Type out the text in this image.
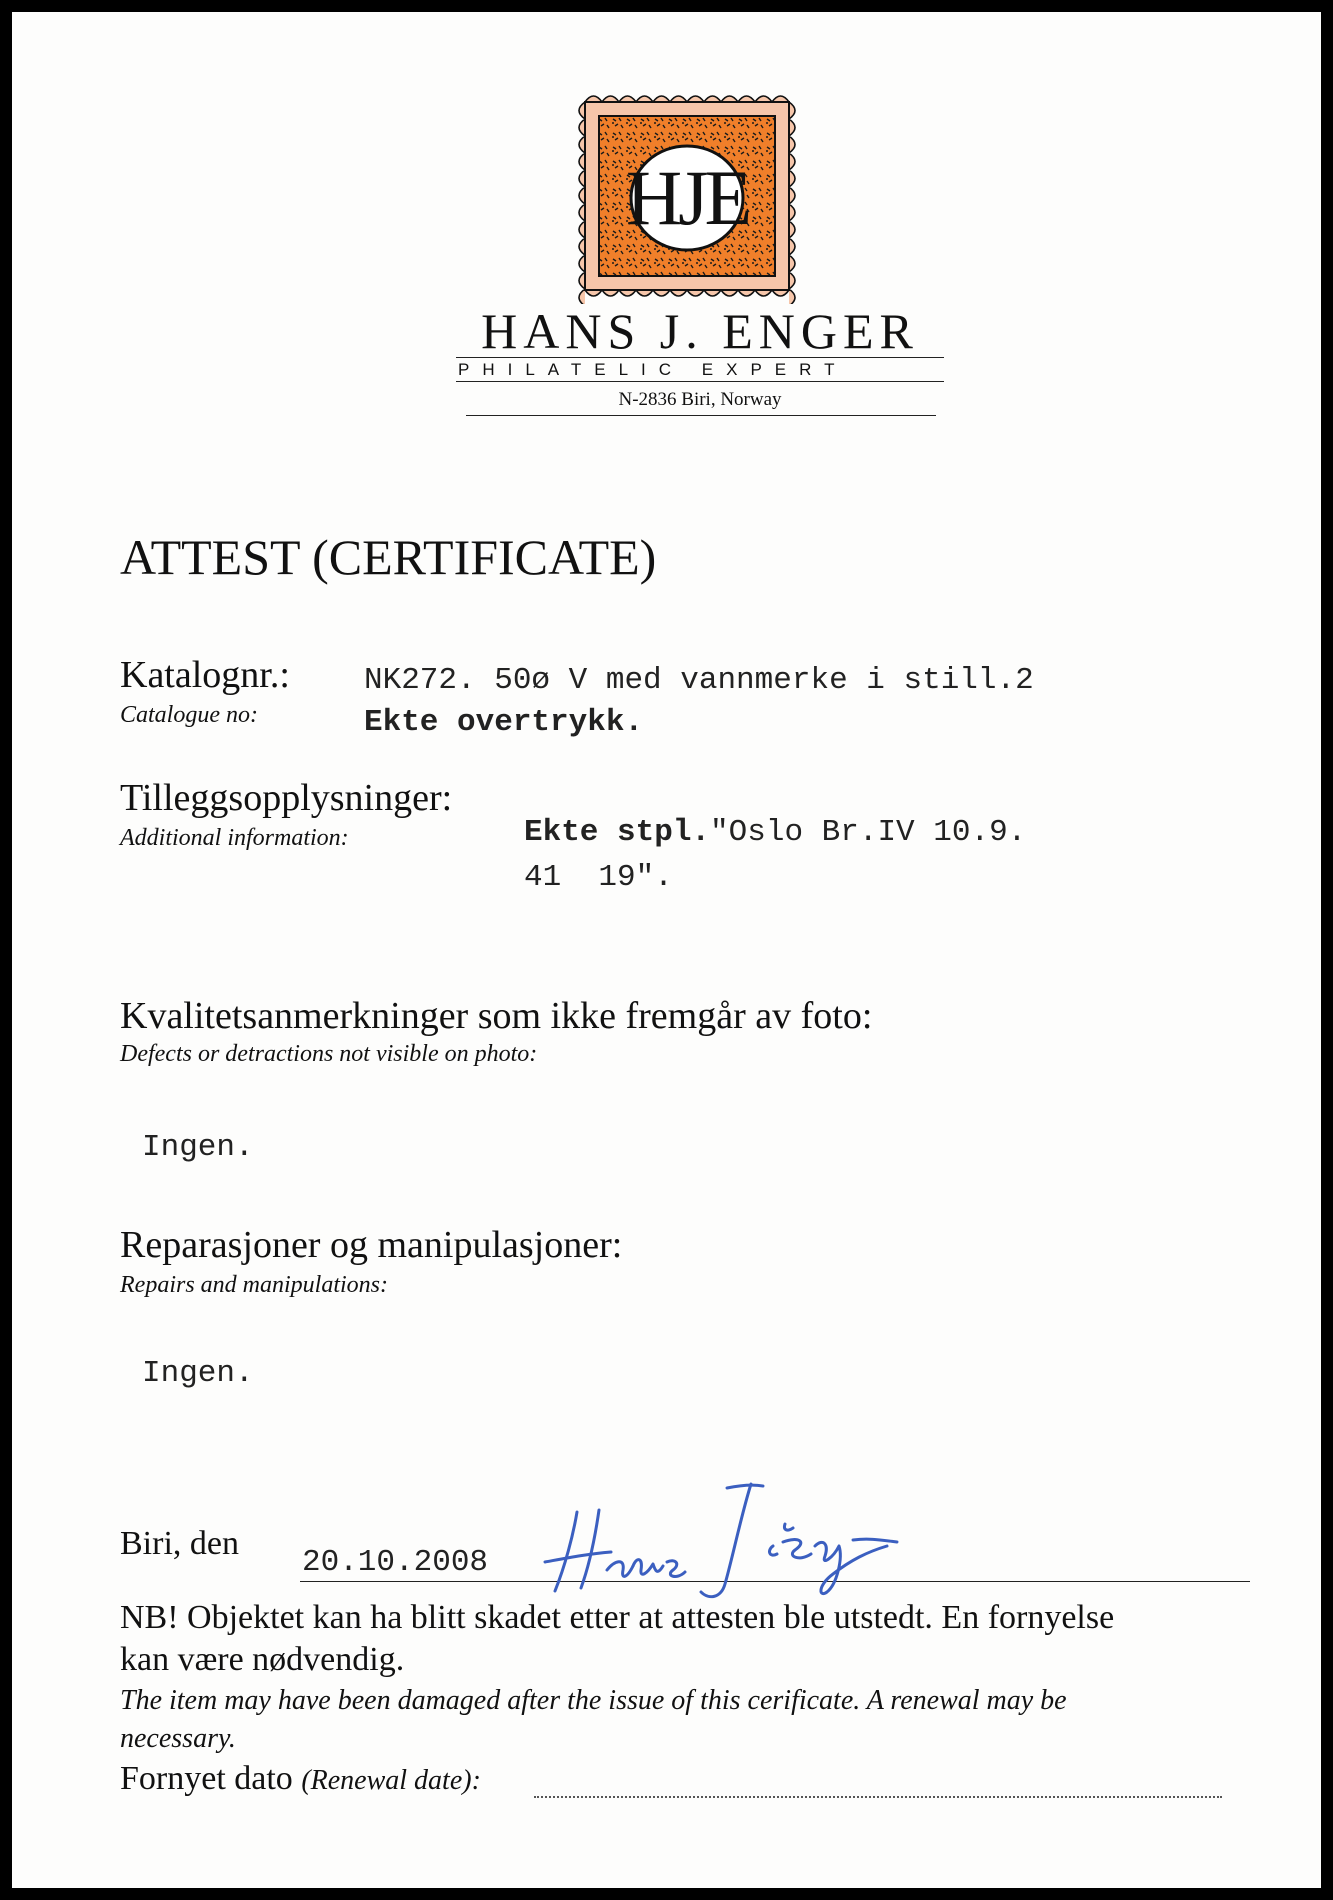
HJE
HANS J. ENGER
PHILATELIC EXPERT
N-2836 Biri, Norway
ATTEST (CERTIFICATE)
Katalognr.:
Catalogue no:
NK272. 50ø V med vannmerke i still.2
Ekte overtrykk.
Tilleggsopplysninger:
Additional information:	Ekte stpl."Oslo Br.IV 10.9.
41  19".
Kvalitetsanmerkninger som ikke fremgår av foto:
Defects or detractions not visible on photo:
Ingen.
Reparasjoner og manipulasjoner:
Repairs and manipulations:
Ingen.
Biri, den
20.10.2008
NB! Objektet kan ha blitt skadet etter at attesten ble utstedt. En fornyelse
kan være nødvendig.
The item may have been damaged after the issue of this cerificate. A renewal may be
necessary.
Fornyet dato (Renewal date):
